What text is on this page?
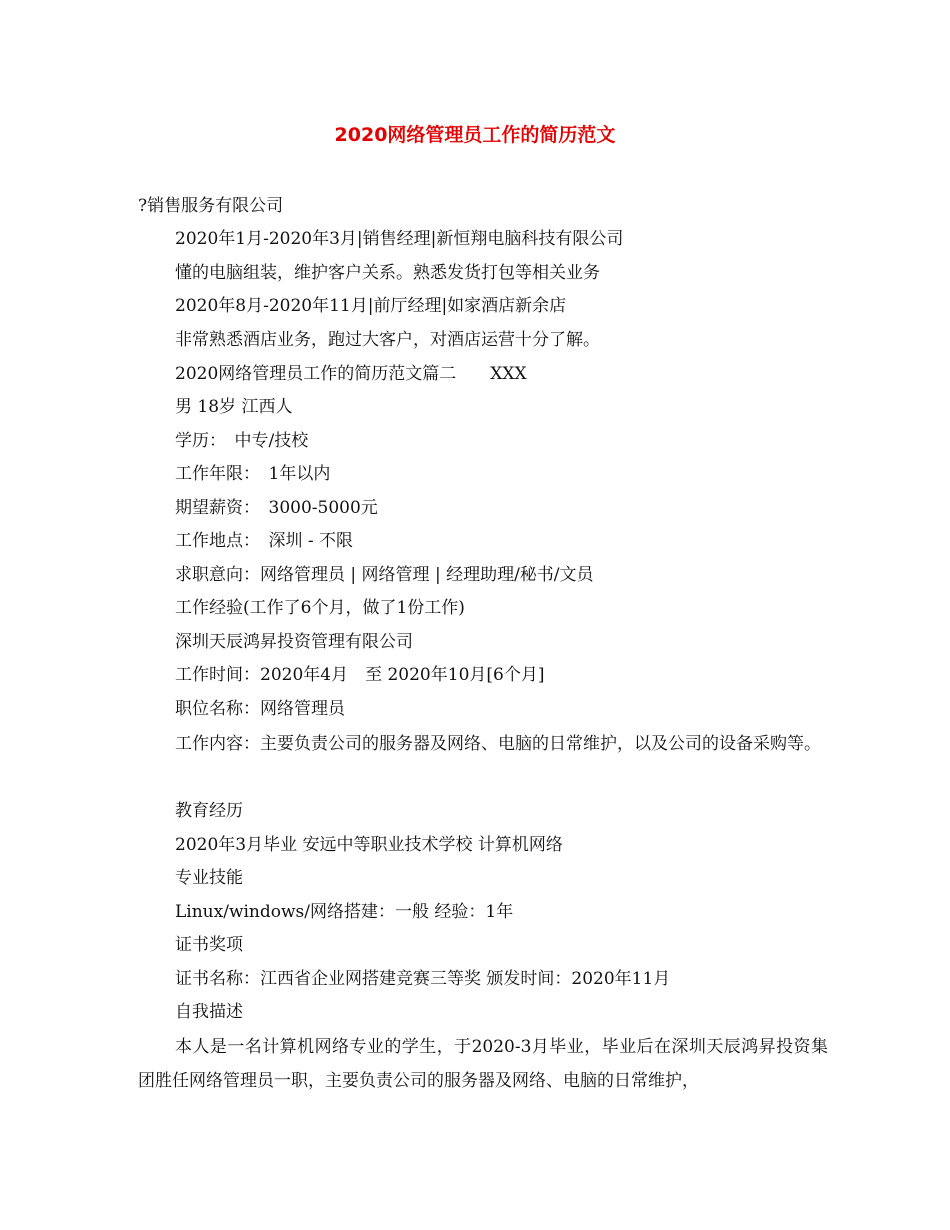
2020网络管理员工作的简历范文
?销售服务有限公司
2020年1月-2020年3月|销售经理|新恒翔电脑科技有限公司
懂的电脑组装，维护客户关系。熟悉发货打包等相关业务
2020年8月-2020年11月|前厅经理|如家酒店新余店
非常熟悉酒店业务，跑过大客户，对酒店运营十分了解。
2020网络管理员工作的简历范文篇二　　XXX
男 18岁 江西人
学历：　中专/技校
工作年限：　1年以内
期望薪资：　3000-5000元
工作地点：　深圳 - 不限
求职意向：网络管理员 | 网络管理 | 经理助理/秘书/文员
工作经验(工作了6个月，做了1份工作)
深圳天辰鸿昇投资管理有限公司
工作时间：2020年4月　至 2020年10月[6个月]
职位名称：网络管理员
工作内容：主要负责公司的服务器及网络、电脑的日常维护，以及公司的设备采购等。
教育经历
2020年3月毕业 安远中等职业技术学校 计算机网络
专业技能
Linux/windows/网络搭建：一般 经验：1年
证书奖项
证书名称：江西省企业网搭建竞赛三等奖 颁发时间：2020年11月
自我描述
本人是一名计算机网络专业的学生，于2020-3月毕业，毕业后在深圳天辰鸿昇投资集团胜任网络管理员一职，主要负责公司的服务器及网络、电脑的日常维护，
